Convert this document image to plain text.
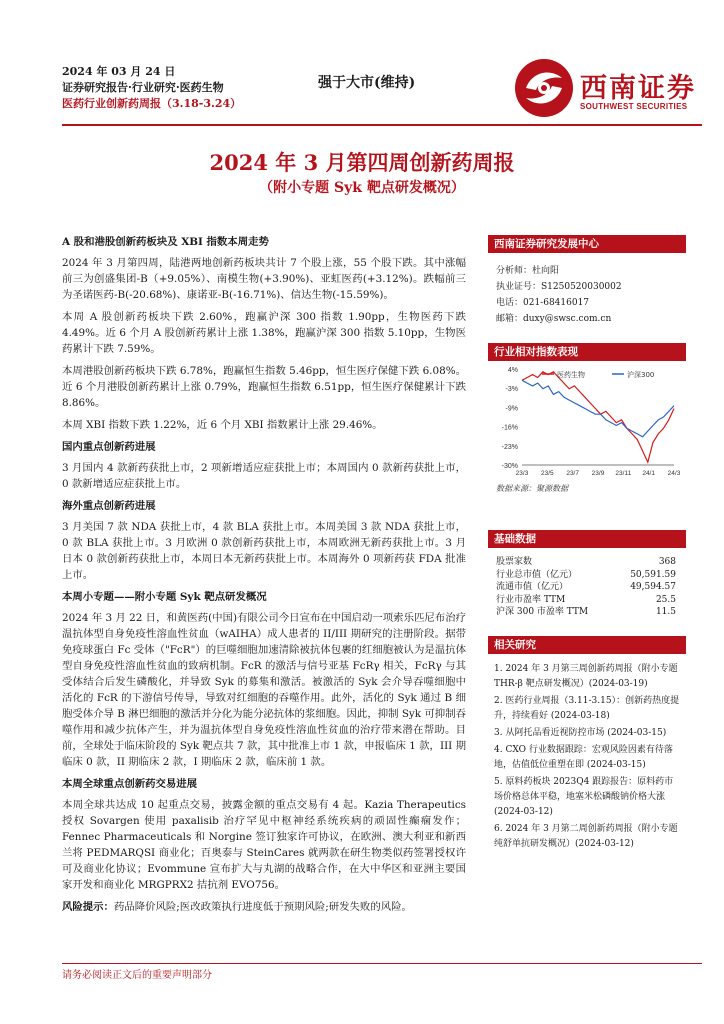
2024 年 03 月 24 日
证券研究报告·行业研究·医药生物
医药行业创新药周报（3.18-3.24）
强于大市(维持)	西南证券
SOUTHWEST SECURITIES
2024 年 3 月第四周创新药周报
（附小专题 Syk 靶点研发概况）
A 股和港股创新药板块及 XBI 指数本周走势

2024 年 3 月第四周，陆港两地创新药板块共计 7 个股上涨，55 个股下跌。其中涨幅前三为创盛集团-B（+9.05%）、南模生物(+3.90%)、亚虹医药(+3.12%)。跌幅前三为圣诺医药-B(-20.68%)、康诺亚-B(-16.71%)、信达生物(-15.59%)。

本周 A 股创新药板块下跌 2.60%，跑赢沪深 300 指数 1.90pp，生物医药下跌 4.49%。近 6 个月 A 股创新药累计上涨 1.38%，跑赢沪深 300 指数 5.10pp，生物医药累计下跌 7.59%。

本周港股创新药板块下跌 6.78%，跑赢恒生指数 5.46pp，恒生医疗保健下跌 6.08%。近 6 个月港股创新药累计上涨 0.79%，跑赢恒生指数 6.51pp，恒生医疗保健累计下跌 8.86%。

本周 XBI 指数下跌 1.22%，近 6 个月 XBI 指数累计上涨 29.46%。

国内重点创新药进展

3 月国内 4 款新药获批上市，2 项新增适应症获批上市；本周国内 0 款新药获批上市，0 款新增适应症获批上市。

海外重点创新药进展

3 月美国 7 款 NDA 获批上市，4 款 BLA 获批上市。本周美国 3 款 NDA 获批上市，0 款 BLA 获批上市。3 月欧洲 0 款创新药获批上市，本周欧洲无新药获批上市。3 月日本 0 款创新药获批上市，本周日本无新药获批上市。本周海外 0 项新药获 FDA 批准上市。

本周小专题——附小专题 Syk 靶点研发概况

2024 年 3 月 22 日，和黄医药(中国)有限公司今日宣布在中国启动一项索乐匹尼布治疗温抗体型自身免疫性溶血性贫血（wAIHA）成人患者的 II/III 期研究的注册阶段。据带免疫球蛋白 Fc 受体（"FcR"）的巨噬细胞加速清除被抗体包裹的红细胞被认为是温抗体型自身免疫性溶血性贫血的致病机制。FcR 的激活与信号亚基 FcRγ 相关，FcRγ 与其受体结合后发生磷酸化，并导致 Syk 的募集和激活。被激活的 Syk 会介导吞噬细胞中活化的 FcR 的下游信号传导，导致对红细胞的吞噬作用。此外，活化的 Syk 通过 B 细胞受体介导 B 淋巴细胞的激活并分化为能分泌抗体的浆细胞。因此，抑制 Syk 可抑制吞噬作用和减少抗体产生，并为温抗体型自身免疫性溶血性贫血的治疗带来潜在帮助。目前，全球处于临床阶段的 Syk 靶点共 7 款，其中批准上市 1 款，申报临床 1 款，III 期临床 0 款，II 期临床 2 款，I 期临床 2 款，临床前 1 款。

本周全球重点创新药交易进展

本周全球共达成 10 起重点交易，披露金额的重点交易有 4 起。Kazia Therapeutics 授权 Sovargen 使用 paxalisib 治疗罕见中枢神经系统疾病的顽固性癫痫发作；Fennec Pharmaceuticals 和 Norgine 签订独家许可协议，在欧洲、澳大利亚和新西兰将 PEDMARQSI 商业化；百奥泰与 SteinCares 就两款在研生物类似药签署授权许可及商业化协议；Evommune 宣布扩大与丸湖的战略合作，在大中华区和亚洲主要国家开发和商业化 MRGPRX2 拮抗剂 EVO756。

风险提示：药品降价风险;医改政策执行进度低于预期风险;研发失败的风险。

西南证券研究发展中心
分析师：杜向阳
执业证号：S1250520030002
电话：021-68416017
邮箱：duxy@swsc.com.cn
行业相对指数表现
4%
-3%
-9%
-16%
-23%
-30%
23/3 23/5 23/7 23/9 23/11 24/1 24/3
医药生物	沪深300
数据来源：聚源数据
基础数据
股票家数	368
行业总市值（亿元）	50,591.59
流通市值（亿元）	49,594.57
行业市盈率 TTM	25.5
沪深 300 市盈率 TTM	11.5
相关研究
1. 2024 年 3 月第三周创新药周报（附小专题 THR-β 靶点研发概况）(2024-03-19)
2. 医药行业周报（3.11-3.15）：创新药热度提升，持续看好 (2024-03-18)
3. 从阿托品看近视防控市场 (2024-03-15)
4. CXO 行业数据跟踪：宏观风险因素有待落地，估值低位重塑在即 (2024-03-15)
5. 原料药板块 2023Q4 跟踪报告：原料药市场价格总体平稳，地塞米松磷酸钠价格大涨 (2024-03-12)
6. 2024 年 3 月第二周创新药周报（附小专题纯舒单抗研发概况）(2024-03-12)
请务必阅读正文后的重要声明部分
